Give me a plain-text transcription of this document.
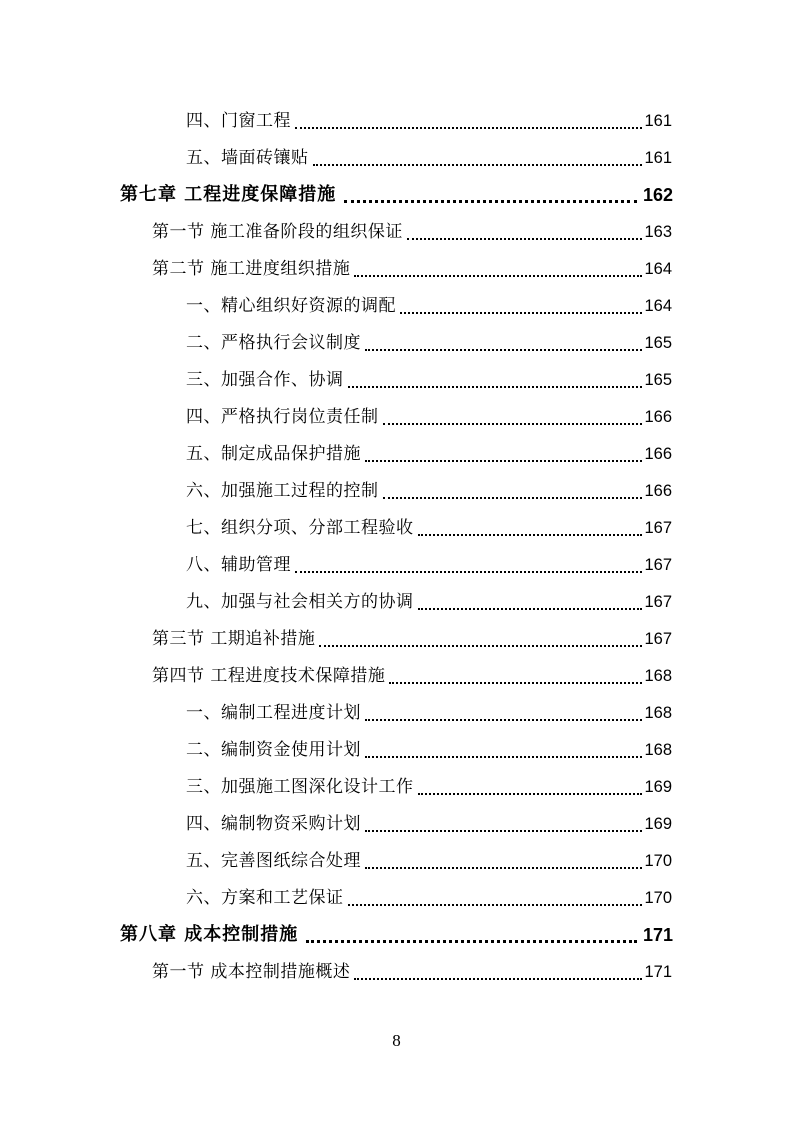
四、门窗工程	161
五、墙面砖镶贴	161
第七章 工程进度保障措施	162
第一节 施工准备阶段的组织保证	163
第二节 施工进度组织措施	164
一、精心组织好资源的调配	164
二、严格执行会议制度	165
三、加强合作、协调	165
四、严格执行岗位责任制	166
五、制定成品保护措施	166
六、加强施工过程的控制	166
七、组织分项、分部工程验收	167
八、辅助管理	167
九、加强与社会相关方的协调	167
第三节 工期追补措施	167
第四节 工程进度技术保障措施	168
一、编制工程进度计划	168
二、编制资金使用计划	168
三、加强施工图深化设计工作	169
四、编制物资采购计划	169
五、完善图纸综合处理	170
六、方案和工艺保证	170
第八章 成本控制措施	171
第一节 成本控制措施概述	171
8
